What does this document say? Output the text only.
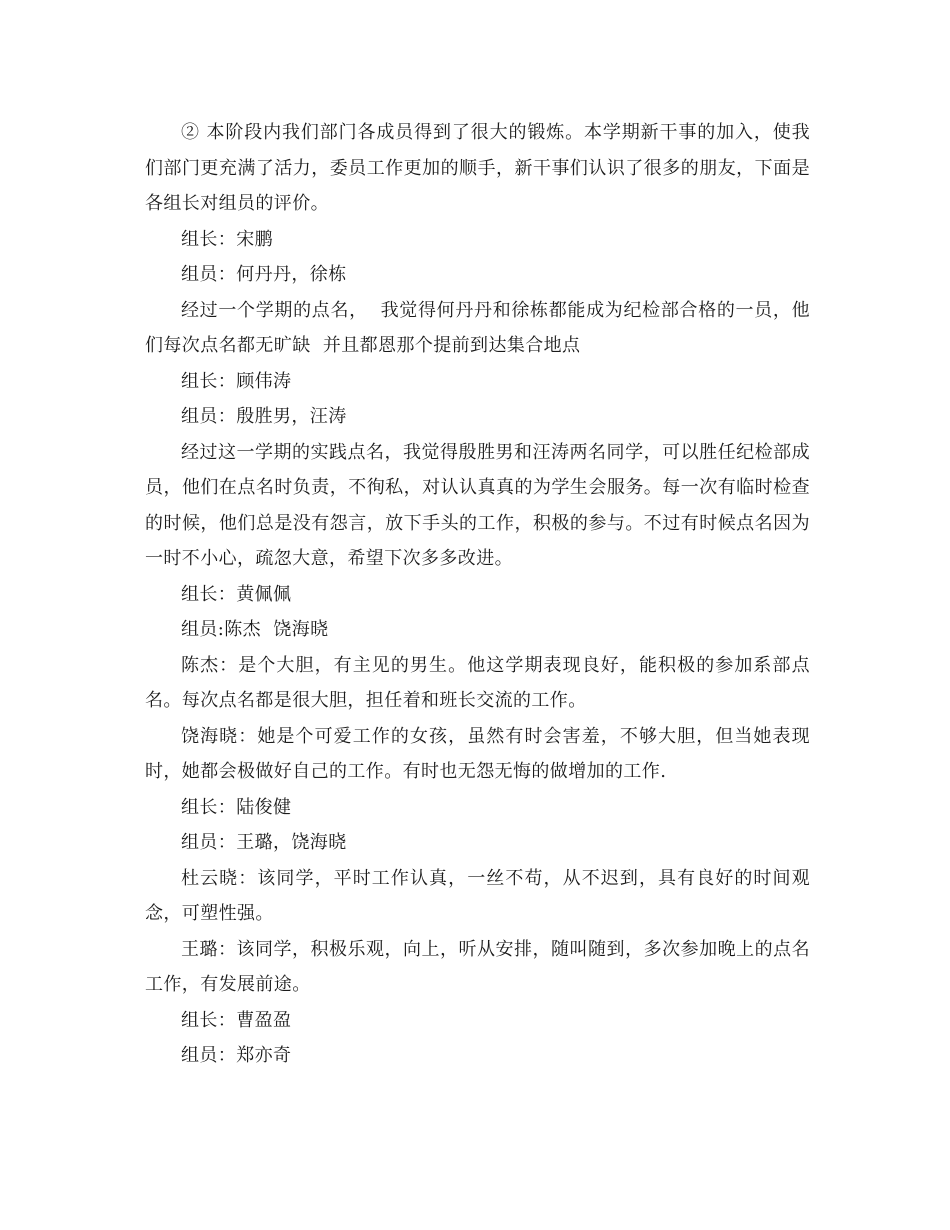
② 本阶段内我们部门各成员得到了很大的锻炼。本学期新干事的加入，使我们部门更充满了活力，委员工作更加的顺手，新干事们认识了很多的朋友，下面是各组长对组员的评价。

组长：宋鹏

组员：何丹丹，徐栋

经过一个学期的点名，  我觉得何丹丹和徐栋都能成为纪检部合格的一员，他们每次点名都无旷缺  并且都恩那个提前到达集合地点

组长：顾伟涛

组员：殷胜男，汪涛

经过这一学期的实践点名，我觉得殷胜男和汪涛两名同学，可以胜任纪检部成员，他们在点名时负责，不徇私，对认认真真的为学生会服务。每一次有临时检查的时候，他们总是没有怨言，放下手头的工作，积极的参与。不过有时候点名因为一时不小心，疏忽大意，希望下次多多改进。

组长：黄佩佩

组员:陈杰  饶海晓

陈杰：是个大胆，有主见的男生。他这学期表现良好，能积极的参加系部点名。每次点名都是很大胆，担任着和班长交流的工作。

饶海晓：她是个可爱工作的女孩，虽然有时会害羞，不够大胆，但当她表现时，她都会极做好自己的工作。有时也无怨无悔的做增加的工作.

组长：陆俊健

组员：王璐，饶海晓

杜云晓：该同学，平时工作认真，一丝不苟，从不迟到，具有良好的时间观念，可塑性强。

王璐：该同学，积极乐观，向上，听从安排，随叫随到，多次参加晚上的点名工作，有发展前途。

组长：曹盈盈

组员：郑亦奇
